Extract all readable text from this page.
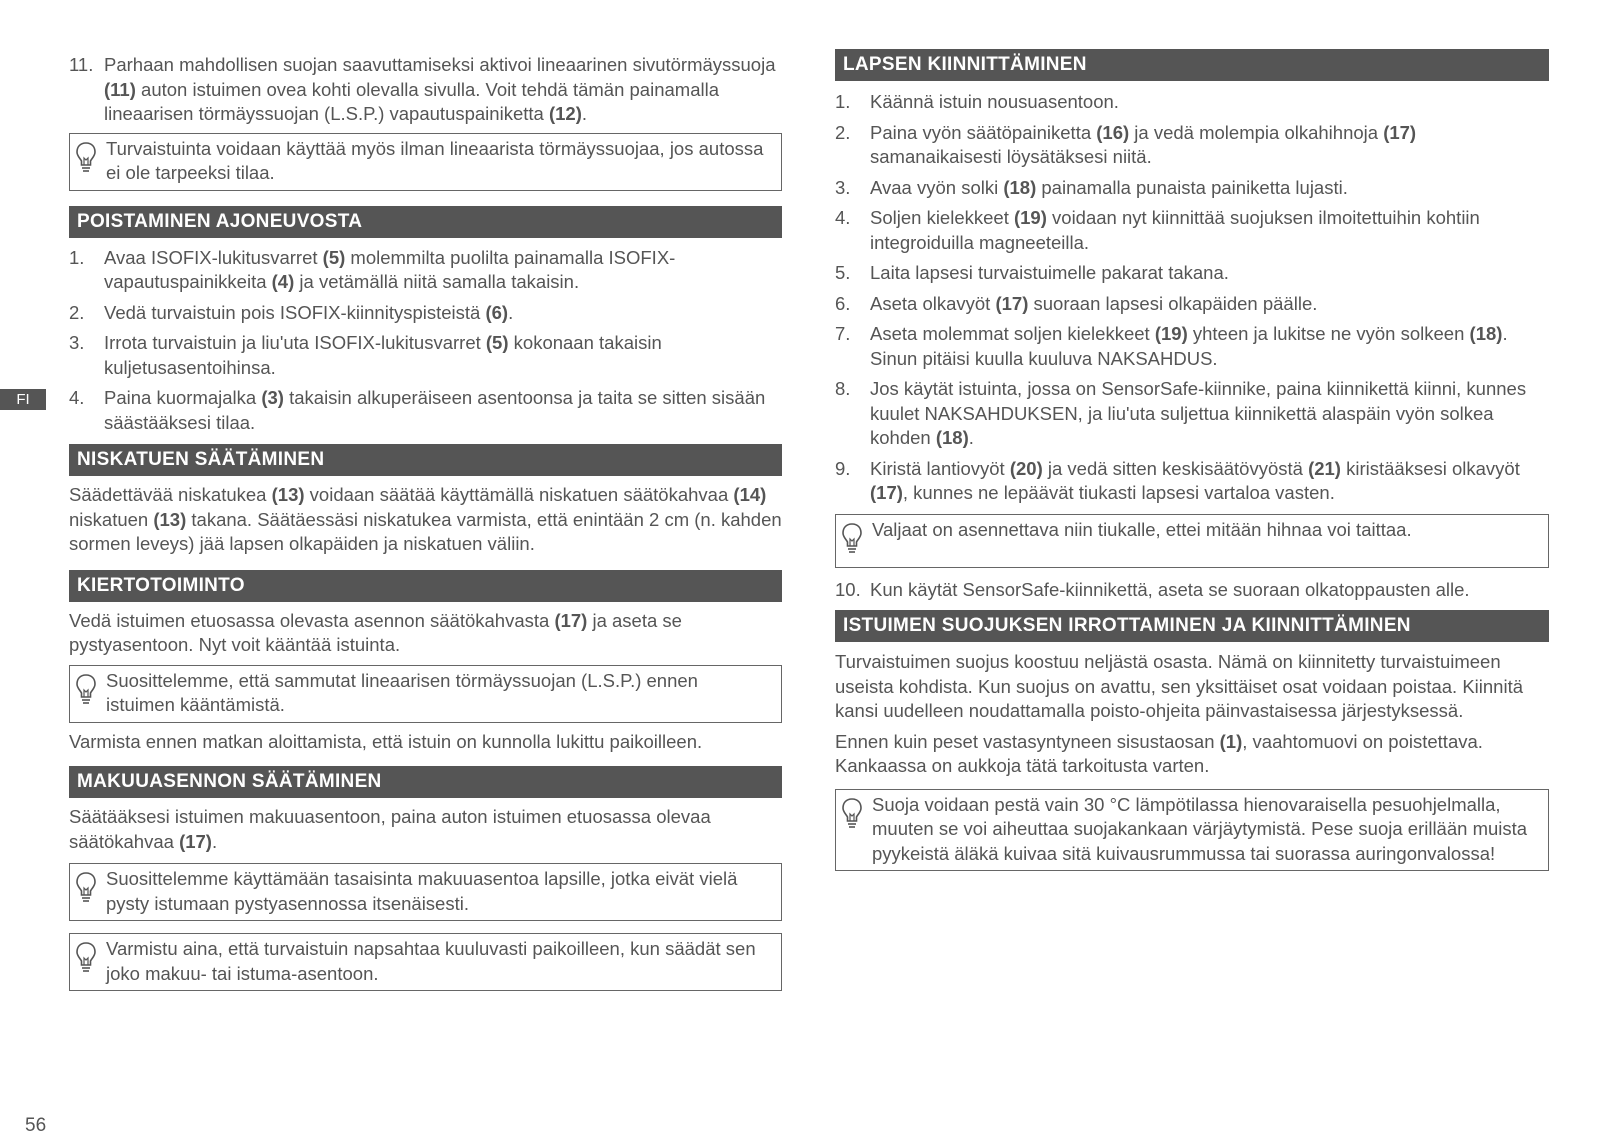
FI
11. Parhaan mahdollisen suojan saavuttamiseksi aktivoi lineaarinen sivutörmäyssuoja (11) auton istuimen ovea kohti olevalla sivulla. Voit tehdä tämän painamalla lineaarisen törmäyssuojan (L.S.P.) vapautuspainiketta (12).
Turvaistuinta voidaan käyttää myös ilman lineaarista törmäyssuojaa, jos autossa ei ole tarpeeksi tilaa.
POISTAMINEN AJONEUVOSTA
1. Avaa ISOFIX-lukitusvarret (5) molemmilta puolilta painamalla ISOFIX-vapautuspainikkeita (4) ja vetämällä niitä samalla takaisin.
2. Vedä turvaistuin pois ISOFIX-kiinnityspisteistä (6).
3. Irrota turvaistuin ja liu'uta ISOFIX-lukitusvarret (5) kokonaan takaisin kuljetusasentoihinsa.
4. Paina kuormajalka (3) takaisin alkuperäiseen asentoonsa ja taita se sitten sisään säästääksesi tilaa.
NISKATUEN SÄÄTÄMINEN

Säädettävää niskatukea (13) voidaan säätää käyttämällä niskatuen säätökahvaa (14) niskatuen (13) takana. Säätäessäsi niskatukea varmista, että enintään 2 cm (n. kahden sormen leveys) jää lapsen olkapäiden ja niskatuen väliin.

KIERTOTOIMINTO

Vedä istuimen etuosassa olevasta asennon säätökahvasta (17) ja aseta se pystyasentoon. Nyt voit kääntää istuinta.

Suosittelemme, että sammutat lineaarisen törmäyssuojan (L.S.P.) ennen istuimen kääntämistä.

Varmista ennen matkan aloittamista, että istuin on kunnolla lukittu paikoilleen.

MAKUUASENNON SÄÄTÄMINEN

Säätääksesi istuimen makuuasentoon, paina auton istuimen etuosassa olevaa säätökahvaa (17).

Suosittelemme käyttämään tasaisinta makuuasentoa lapsille, jotka eivät vielä pysty istumaan pystyasennossa itsenäisesti.
Varmistu aina, että turvaistuin napsahtaa kuuluvasti paikoilleen, kun säädät sen joko makuu- tai istuma-asentoon.
LAPSEN KIINNITTÄMINEN
1. Käännä istuin nousuasentoon.
2. Paina vyön säätöpainiketta (16) ja vedä molempia olkahihnoja (17) samanaikaisesti löysätäksesi niitä.
3. Avaa vyön solki (18) painamalla punaista painiketta lujasti.
4. Soljen kielekkeet (19) voidaan nyt kiinnittää suojuksen ilmoitettuihin kohtiin integroiduilla magneeteilla.
5. Laita lapsesi turvaistuimelle pakarat takana.
6. Aseta olkavyöt (17) suoraan lapsesi olkapäiden päälle.
7. Aseta molemmat soljen kielekkeet (19) yhteen ja lukitse ne vyön solkeen (18). Sinun pitäisi kuulla kuuluva NAKSAHDUS.
8. Jos käytät istuinta, jossa on SensorSafe-kiinnike, paina kiinnikettä kiinni, kunnes kuulet NAKSAHDUKSEN, ja liu'uta suljettua kiinnikettä alaspäin vyön solkea kohden (18).
9. Kiristä lantiovyöt (20) ja vedä sitten keskisäätövyöstä (21) kiristääksesi olkavyöt (17), kunnes ne lepäävät tiukasti lapsesi vartaloa vasten.
Valjaat on asennettava niin tiukalle, ettei mitään hihnaa voi taittaa.
10. Kun käytät SensorSafe-kiinnikettä, aseta se suoraan olkatoppausten alle.
ISTUIMEN SUOJUKSEN IRROTTAMINEN JA KIINNITTÄMINEN

Turvaistuimen suojus koostuu neljästä osasta. Nämä on kiinnitetty turvaistuimeen useista kohdista. Kun suojus on avattu, sen yksittäiset osat voidaan poistaa. Kiinnitä kansi uudelleen noudattamalla poisto-ohjeita päinvastaisessa järjestyksessä.

Ennen kuin peset vastasyntyneen sisustaosan (1), vaahtomuovi on poistettava. Kankaassa on aukkoja tätä tarkoitusta varten.

Suoja voidaan pestä vain 30 °C lämpötilassa hienovaraisella pesuohjelmalla, muuten se voi aiheuttaa suojakankaan värjäytymistä. Pese suoja erillään muista pyykeistä äläkä kuivaa sitä kuivausrummussa tai suorassa auringonvalossa!
56
